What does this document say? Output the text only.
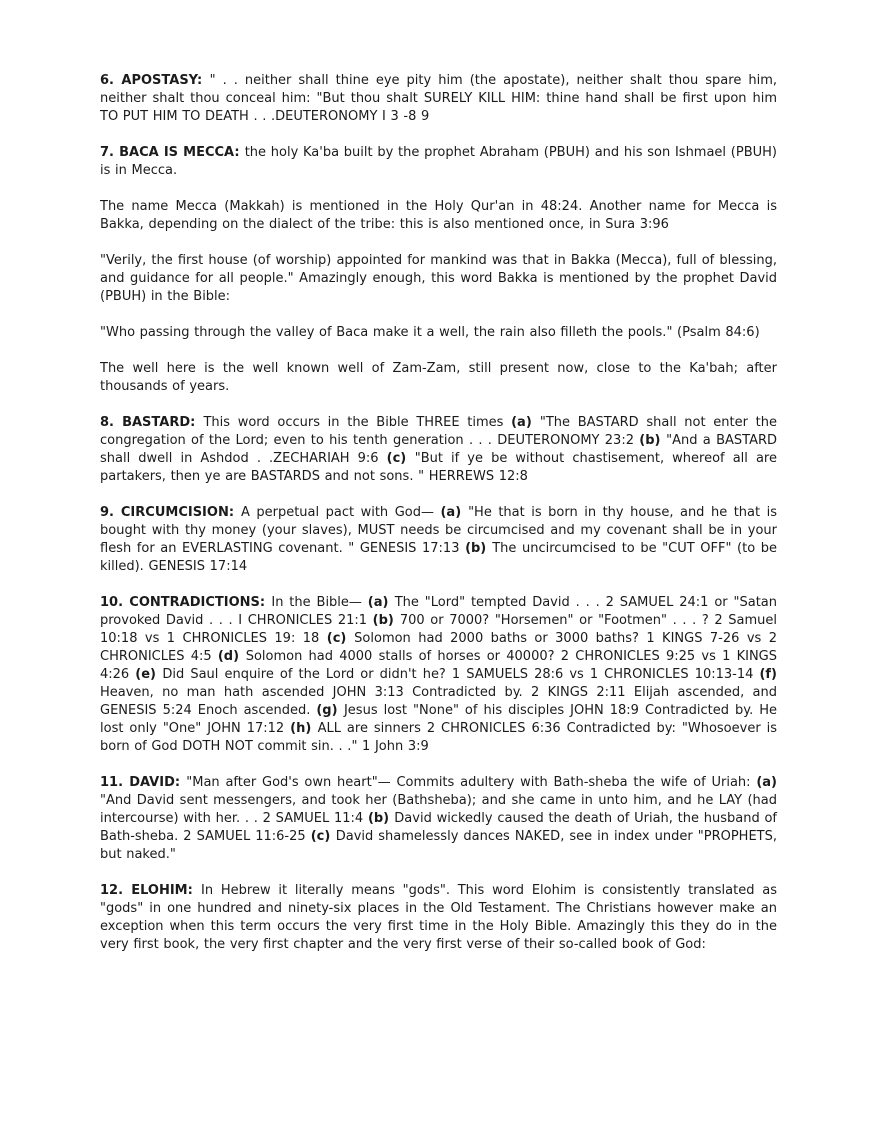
6. APOSTASY: " . . neither shall thine eye pity him (the apostate), neither shalt thou spare him, neither shalt thou conceal him: "But thou shalt SURELY KILL HIM: thine hand shall be first upon him TO PUT HIM TO DEATH . . .DEUTERONOMY I 3 -8 9

7. BACA IS MECCA: the holy Ka'ba built by the prophet Abraham (PBUH) and his son Ishmael (PBUH) is in Mecca.

The name Mecca (Makkah) is mentioned in the Holy Qur'an in 48:24. Another name for Mecca is Bakka, depending on the dialect of the tribe: this is also mentioned once, in Sura 3:96

"Verily, the first house (of worship) appointed for mankind was that in Bakka (Mecca), full of blessing, and guidance for all people." Amazingly enough, this word Bakka is mentioned by the prophet David (PBUH) in the Bible:

"Who passing through the valley of Baca make it a well, the rain also filleth the pools." (Psalm 84:6)

The well here is the well known well of Zam-Zam, still present now, close to the Ka'bah; after thousands of years.

8. BASTARD: This word occurs in the Bible THREE times (a) "The BASTARD shall not enter the congregation of the Lord; even to his tenth generation . . . DEUTERONOMY 23:2 (b) "And a BASTARD shall dwell in Ashdod . .ZECHARIAH 9:6 (c) "But if ye be without chastisement, whereof all are partakers, then ye are BASTARDS and not sons. " HERREWS 12:8

9. CIRCUMCISION: A perpetual pact with God— (a) "He that is born in thy house, and he that is bought with thy money (your slaves), MUST needs be circumcised and my covenant shall be in your flesh for an EVERLASTING covenant. " GENESIS 17:13 (b) The uncircumcised to be "CUT OFF" (to be killed). GENESIS 17:14

10. CONTRADICTIONS: In the Bible— (a) The "Lord" tempted David . . . 2 SAMUEL 24:1 or "Satan provoked David . . . I CHRONICLES 21:1 (b) 700 or 7000? "Horsemen" or "Footmen" . . . ? 2 Samuel 10:18 vs 1 CHRONICLES 19: 18 (c) Solomon had 2000 baths or 3000 baths? 1 KINGS 7-26 vs 2 CHRONICLES 4:5 (d) Solomon had 4000 stalls of horses or 40000? 2 CHRONICLES 9:25 vs 1 KINGS 4:26 (e) Did Saul enquire of the Lord or didn't he? 1 SAMUELS 28:6 vs 1 CHRONICLES 10:13-14 (f) Heaven, no man hath ascended JOHN 3:13 Contradicted by. 2 KINGS 2:11 Elijah ascended, and GENESIS 5:24 Enoch ascended. (g) Jesus lost "None" of his disciples JOHN 18:9 Contradicted by. He lost only "One" JOHN 17:12 (h) ALL are sinners 2 CHRONICLES 6:36 Contradicted by: "Whosoever is born of God DOTH NOT commit sin. . ." 1 John 3:9

11. DAVID: "Man after God's own heart"— Commits adultery with Bath-sheba the wife of Uriah: (a) "And David sent messengers, and took her (Bathsheba); and she came in unto him, and he LAY (had intercourse) with her. . . 2 SAMUEL 11:4 (b) David wickedly caused the death of Uriah, the husband of Bath-sheba. 2 SAMUEL 11:6-25 (c) David shamelessly dances NAKED, see in index under "PROPHETS, but naked."

12. ELOHIM: In Hebrew it literally means "gods". This word Elohim is consistently translated as "gods" in one hundred and ninety-six places in the Old Testament. The Christians however make an exception when this term occurs the very first time in the Holy Bible. Amazingly this they do in the very first book, the very first chapter and the very first verse of their so-called book of God:
